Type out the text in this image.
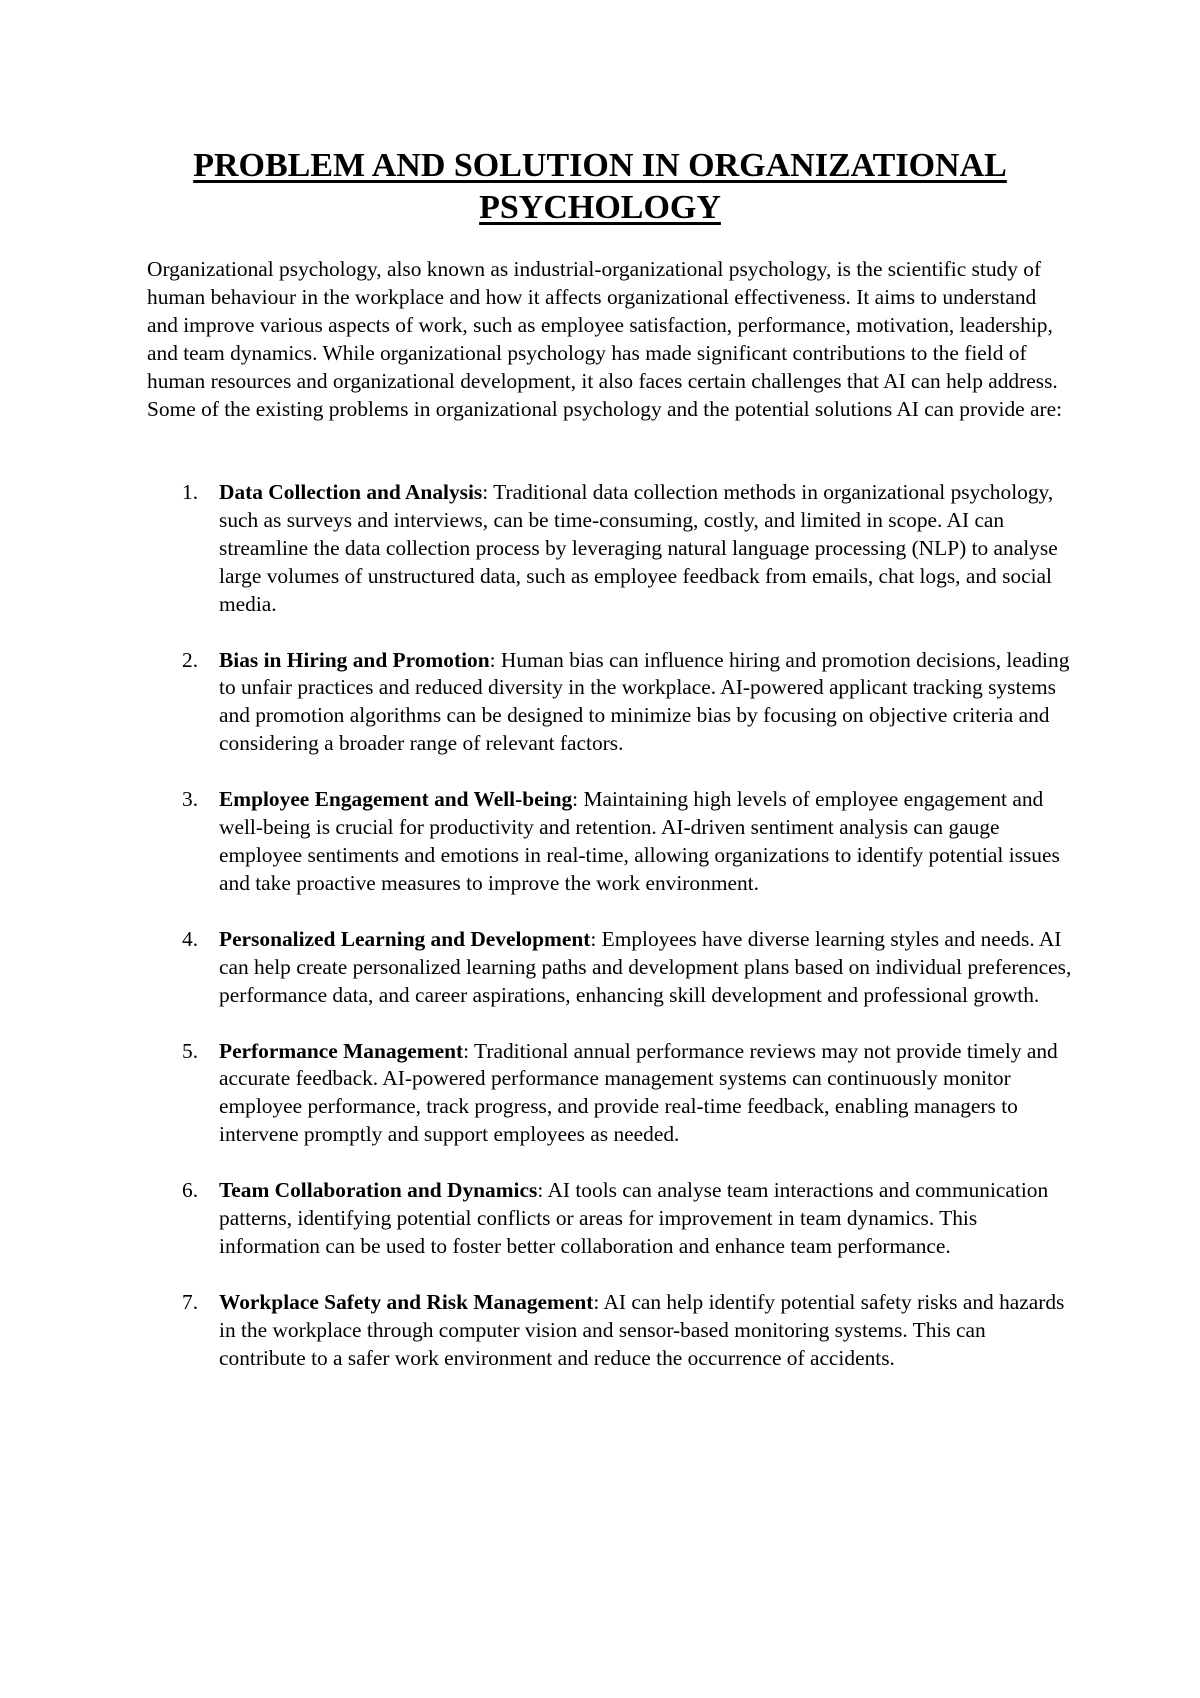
PROBLEM AND SOLUTION IN ORGANIZATIONAL PSYCHOLOGY

Organizational psychology, also known as industrial-organizational psychology, is the scientific study of human behaviour in the workplace and how it affects organizational effectiveness. It aims to understand and improve various aspects of work, such as employee satisfaction, performance, motivation, leadership, and team dynamics. While organizational psychology has made significant contributions to the field of human resources and organizational development, it also faces certain challenges that AI can help address. Some of the existing problems in organizational psychology and the potential solutions AI can provide are:

1. Data Collection and Analysis: Traditional data collection methods in organizational psychology, such as surveys and interviews, can be time-consuming, costly, and limited in scope. AI can streamline the data collection process by leveraging natural language processing (NLP) to analyse large volumes of unstructured data, such as employee feedback from emails, chat logs, and social media.
2. Bias in Hiring and Promotion: Human bias can influence hiring and promotion decisions, leading to unfair practices and reduced diversity in the workplace. AI-powered applicant tracking systems and promotion algorithms can be designed to minimize bias by focusing on objective criteria and considering a broader range of relevant factors.
3. Employee Engagement and Well-being: Maintaining high levels of employee engagement and well-being is crucial for productivity and retention. AI-driven sentiment analysis can gauge employee sentiments and emotions in real-time, allowing organizations to identify potential issues and take proactive measures to improve the work environment.
4. Personalized Learning and Development: Employees have diverse learning styles and needs. AI can help create personalized learning paths and development plans based on individual preferences, performance data, and career aspirations, enhancing skill development and professional growth.
5. Performance Management: Traditional annual performance reviews may not provide timely and accurate feedback. AI-powered performance management systems can continuously monitor employee performance, track progress, and provide real-time feedback, enabling managers to intervene promptly and support employees as needed.
6. Team Collaboration and Dynamics: AI tools can analyse team interactions and communication patterns, identifying potential conflicts or areas for improvement in team dynamics. This information can be used to foster better collaboration and enhance team performance.
7. Workplace Safety and Risk Management: AI can help identify potential safety risks and hazards in the workplace through computer vision and sensor-based monitoring systems. This can contribute to a safer work environment and reduce the occurrence of accidents.
